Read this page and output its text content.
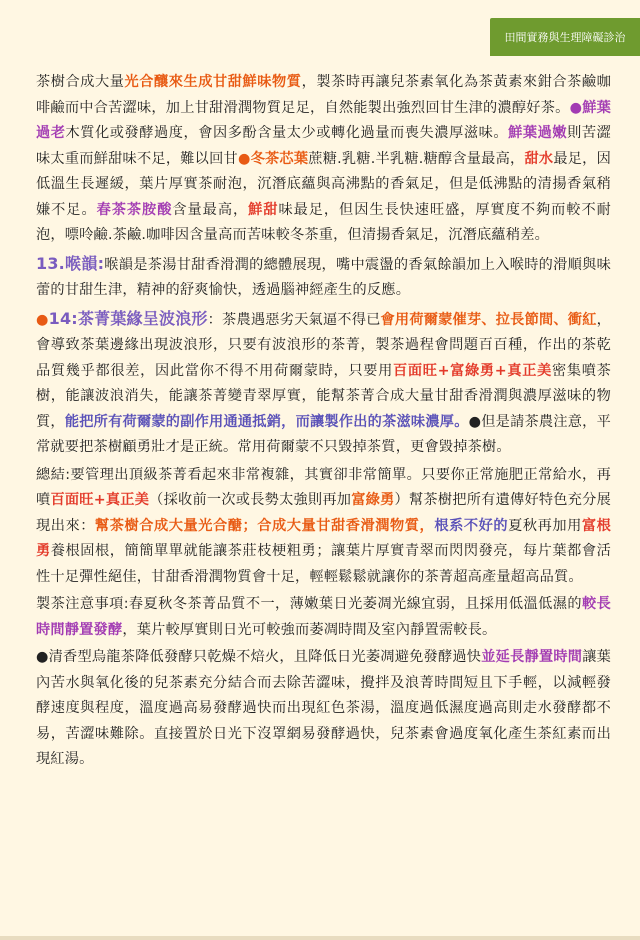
田間實務與生理障礙診治

茶樹合成大量光合釀來生成甘甜鮮味物質，製茶時再讓兒茶素氧化為茶黃素來鉗合茶鹼咖啡鹼而中合苦澀味，加上甘甜滑潤物質足足，自然能製出強烈回甘生津的濃醇好茶。●鮮葉過老木質化或發酵過度，會因多酚含量太少或轉化過量而喪失濃厚滋味。鮮葉過嫩則苦澀味太重而鮮甜味不足，難以回甘●冬茶芯葉蔗糖.乳糖.半乳糖.糖醇含量最高，甜水最足，因低溫生長遲緩，葉片厚實茶耐泡，沉潛底蘊與高沸點的香氣足，但是低沸點的清揚香氣稍嫌不足。春茶茶胺酸含量最高，鮮甜味最足，但因生長快速旺盛，厚實度不夠而較不耐泡，嘌呤鹼.茶鹼.咖啡因含量高而苦味較冬茶重，但清揚香氣足，沉潛底蘊稍差。

13.喉韻:喉韻是茶湯甘甜香滑潤的總體展現，嘴中震盪的香氣餘韻加上入喉時的滑順與味蕾的甘甜生津，精神的舒爽愉快，透過腦神經產生的反應。

●14:茶菁葉緣呈波浪形：茶農遇惡劣天氣逼不得已會用荷爾蒙催芽、拉長節間、衝紅，會導致茶葉邊緣出現波浪形，只要有波浪形的茶菁，製茶過程會問題百百種，作出的茶乾品質幾乎都很差，因此當你不得不用荷爾蒙時，只要用百面旺+富綠勇+真正美密集噴茶樹，能讓波浪消失，能讓茶菁變青翠厚實，能幫茶菁合成大量甘甜香滑潤與濃厚滋味的物質，能把所有荷爾蒙的副作用通通抵銷，而讓製作出的茶滋味濃厚。●但是請茶農注意，平常就要把茶樹顧勇壯才是正統。常用荷爾蒙不只毀掉茶質，更會毀掉茶樹。

總結:要管理出頂級茶菁看起來非常複雜，其實卻非常簡單。只要你正常施肥正常給水，再噴百面旺+真正美（採收前一次或長勢太強則再加富綠勇）幫茶樹把所有遺傳好特色充分展現出來：幫茶樹合成大量光合醣；合成大量甘甜香滑潤物質，根系不好的夏秋再加用富根勇養根固根，簡簡單單就能讓茶莊枝梗粗勇；讓葉片厚實青翠而閃閃發亮，每片葉都會活性十足彈性絕佳，甘甜香滑潤物質會十足，輕輕鬆鬆就讓你的茶菁超高產量超高品質。

製茶注意事項:春夏秋冬茶菁品質不一，薄嫩葉日光萎凋光線宜弱，且採用低溫低濕的較長時間靜置發酵，葉片較厚實則日光可較強而萎凋時間及室內靜置需較長。

●清香型烏龍茶降低發酵只乾燥不焙火，且降低日光萎凋避免發酵過快並延長靜置時間讓葉內苦水與氧化後的兒茶素充分結合而去除苦澀味，攪拌及浪菁時間短且下手輕，以減輕發酵速度與程度，溫度過高易發酵過快而出現紅色茶湯，溫度過低濕度過高則走水發酵都不易，苦澀味難除。直接置於日光下沒罩網易發酵過快，兒茶素會過度氧化產生茶紅素而出現紅湯。
